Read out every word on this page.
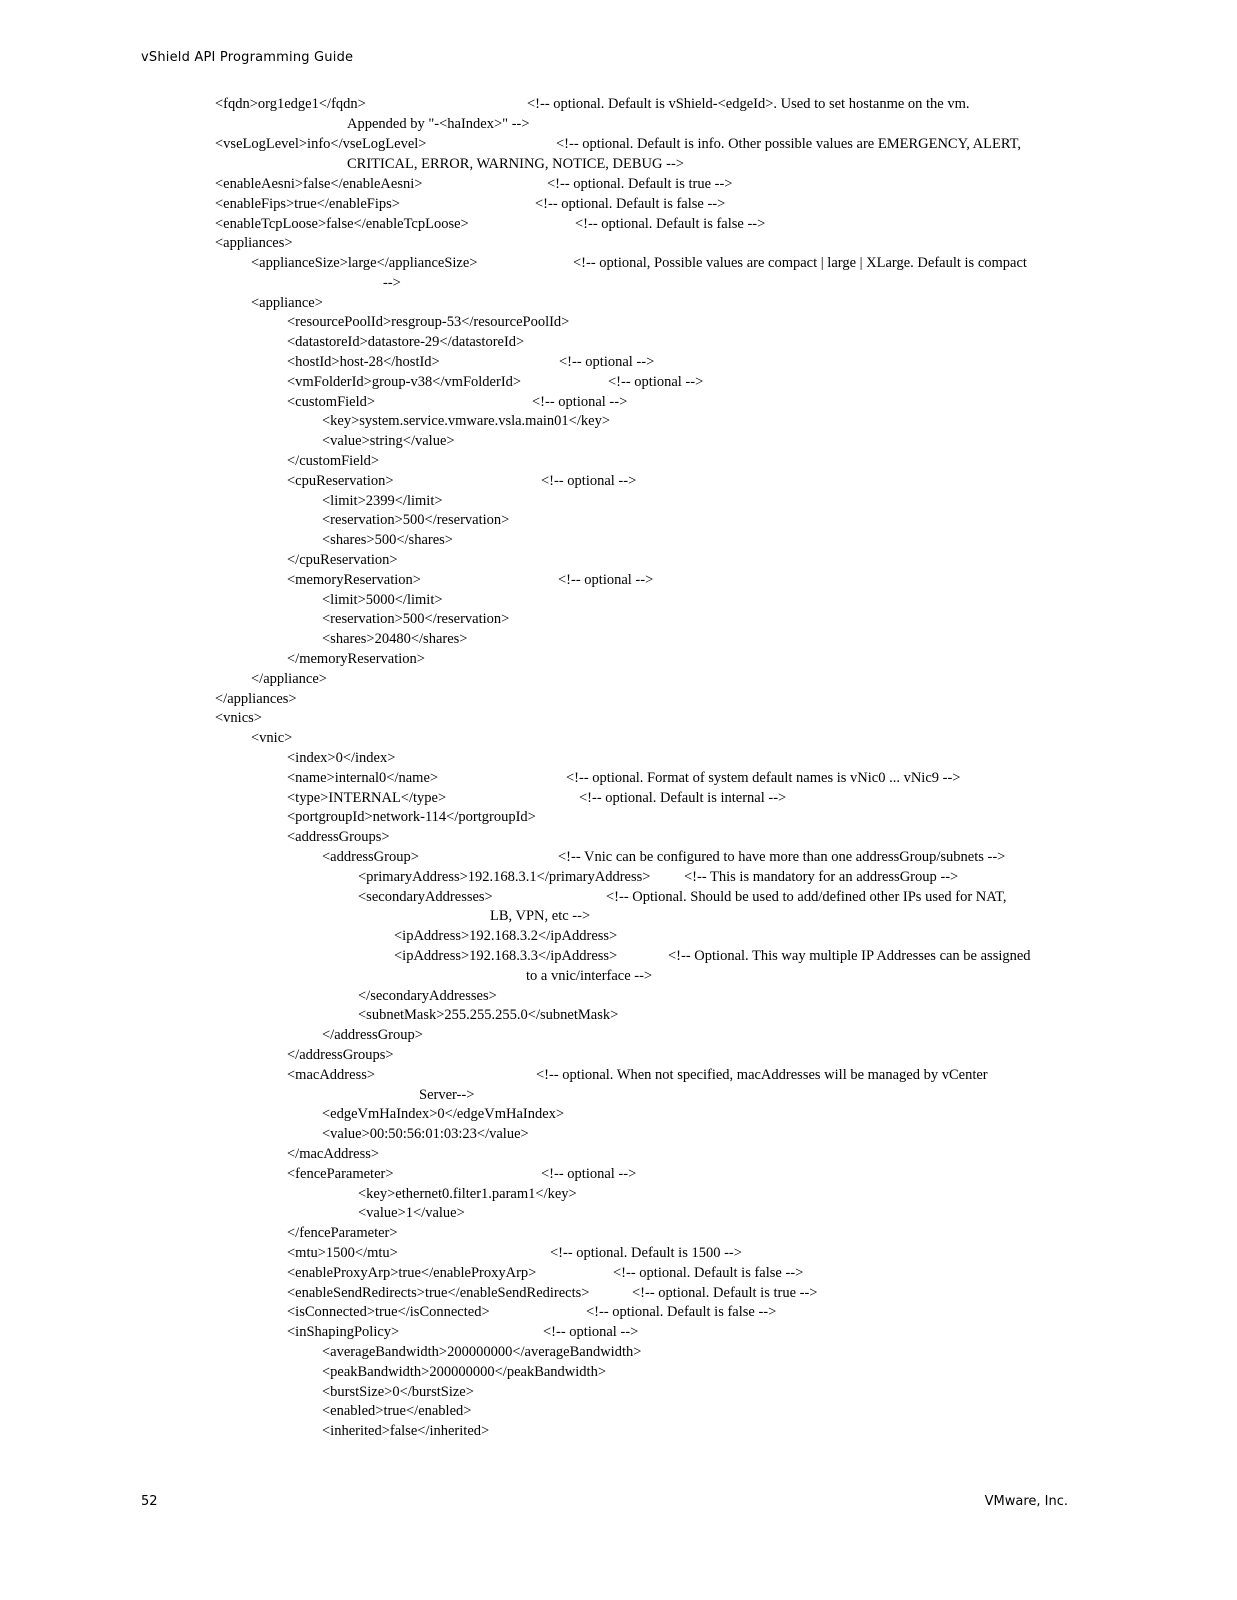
vShield API Programming Guide
<fqdn>org1edge1</fqdn>	<!-- optional. Default is vShield-<edgeId>. Used to set hostanme on the vm.
Appended by "-<haIndex>" -->
<vseLogLevel>info</vseLogLevel>	<!-- optional. Default is info. Other possible values are EMERGENCY, ALERT,
CRITICAL, ERROR, WARNING, NOTICE, DEBUG -->
<enableAesni>false</enableAesni>	<!-- optional. Default is true -->
<enableFips>true</enableFips>	<!-- optional. Default is false -->
<enableTcpLoose>false</enableTcpLoose>	<!-- optional. Default is false -->
<appliances>
<applianceSize>large</applianceSize>	<!-- optional, Possible values are compact | large | XLarge. Default is compact
-->
<appliance>
<resourcePoolId>resgroup-53</resourcePoolId>
<datastoreId>datastore-29</datastoreId>
<hostId>host-28</hostId>	<!-- optional -->
<vmFolderId>group-v38</vmFolderId>	<!-- optional -->
<customField>	<!-- optional -->
<key>system.service.vmware.vsla.main01</key>
<value>string</value>
</customField>
<cpuReservation>	<!-- optional -->
<limit>2399</limit>
<reservation>500</reservation>
<shares>500</shares>
</cpuReservation>
<memoryReservation>	<!-- optional -->
<limit>5000</limit>
<reservation>500</reservation>
<shares>20480</shares>
</memoryReservation>
</appliance>
</appliances>
<vnics>
<vnic>
<index>0</index>
<name>internal0</name>	<!-- optional. Format of system default names is vNic0 ... vNic9 -->
<type>INTERNAL</type>	<!-- optional. Default is internal -->
<portgroupId>network-114</portgroupId>
<addressGroups>
<addressGroup>	<!-- Vnic can be configured to have more than one addressGroup/subnets -->
<primaryAddress>192.168.3.1</primaryAddress> <!-- This is mandatory for an addressGroup -->
<secondaryAddresses>	<!-- Optional. Should be used to add/defined other IPs used for NAT,
LB, VPN, etc -->
<ipAddress>192.168.3.2</ipAddress>
<ipAddress>192.168.3.3</ipAddress>	<!-- Optional. This way multiple IP Addresses can be assigned
to a vnic/interface -->
</secondaryAddresses>
<subnetMask>255.255.255.0</subnetMask>
</addressGroup>
</addressGroups>
<macAddress>	<!-- optional. When not specified, macAddresses will be managed by vCenter
Server-->
<edgeVmHaIndex>0</edgeVmHaIndex>
<value>00:50:56:01:03:23</value>
</macAddress>
<fenceParameter>	<!-- optional -->
<key>ethernet0.filter1.param1</key>
<value>1</value>
</fenceParameter>
<mtu>1500</mtu>	<!-- optional. Default is 1500 -->
<enableProxyArp>true</enableProxyArp>	<!-- optional. Default is false -->
<enableSendRedirects>true</enableSendRedirects>	<!-- optional. Default is true -->
<isConnected>true</isConnected>	<!-- optional. Default is false -->
<inShapingPolicy>	<!-- optional -->
<averageBandwidth>200000000</averageBandwidth>
<peakBandwidth>200000000</peakBandwidth>
<burstSize>0</burstSize>
<enabled>true</enabled>
<inherited>false</inherited>
52	VMware, Inc.
